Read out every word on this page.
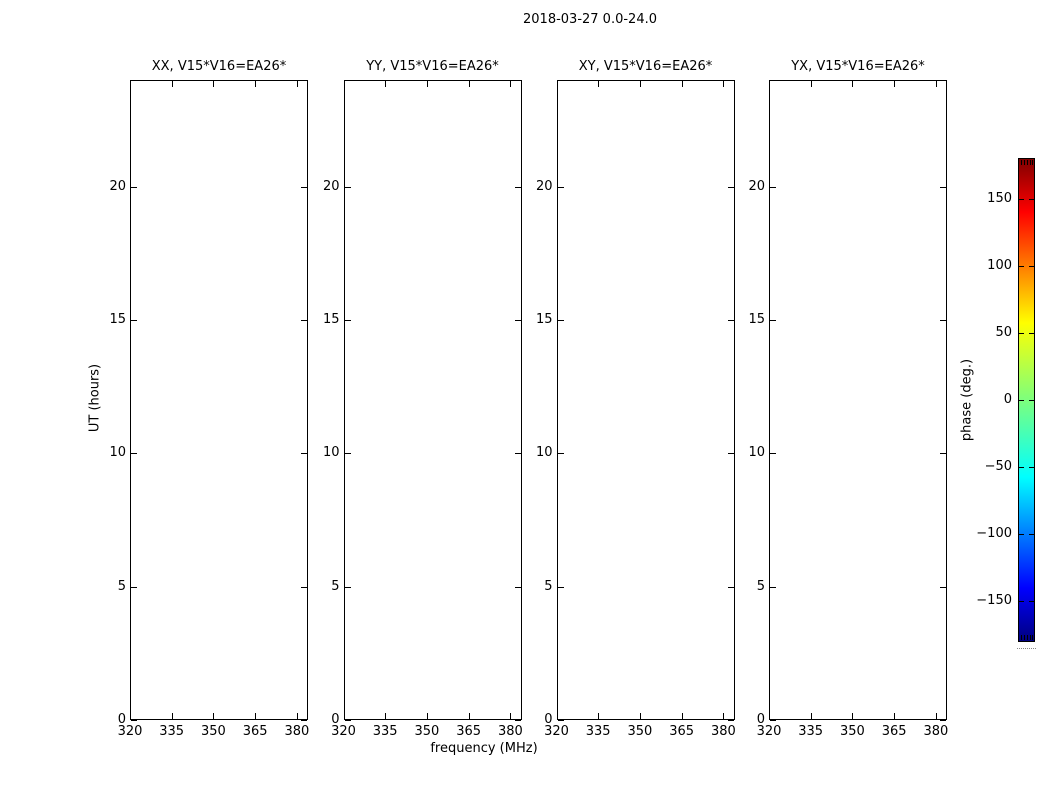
2018-03-27 0.0-24.0
UT (hours)
frequency (MHz)
XX, V15*V16=EA26*
320	335	350	365	380
0
5
10
15
20
YY, V15*V16=EA26*
320	335	350	365	380
0
5
10
15
20
XY, V15*V16=EA26*
320	335	350	365	380
0
5
10
15
20
YX, V15*V16=EA26*
320	335	350	365	380
0
5
10
15
20
phase (deg.)
150
100
50
0
−50
−100
−150
